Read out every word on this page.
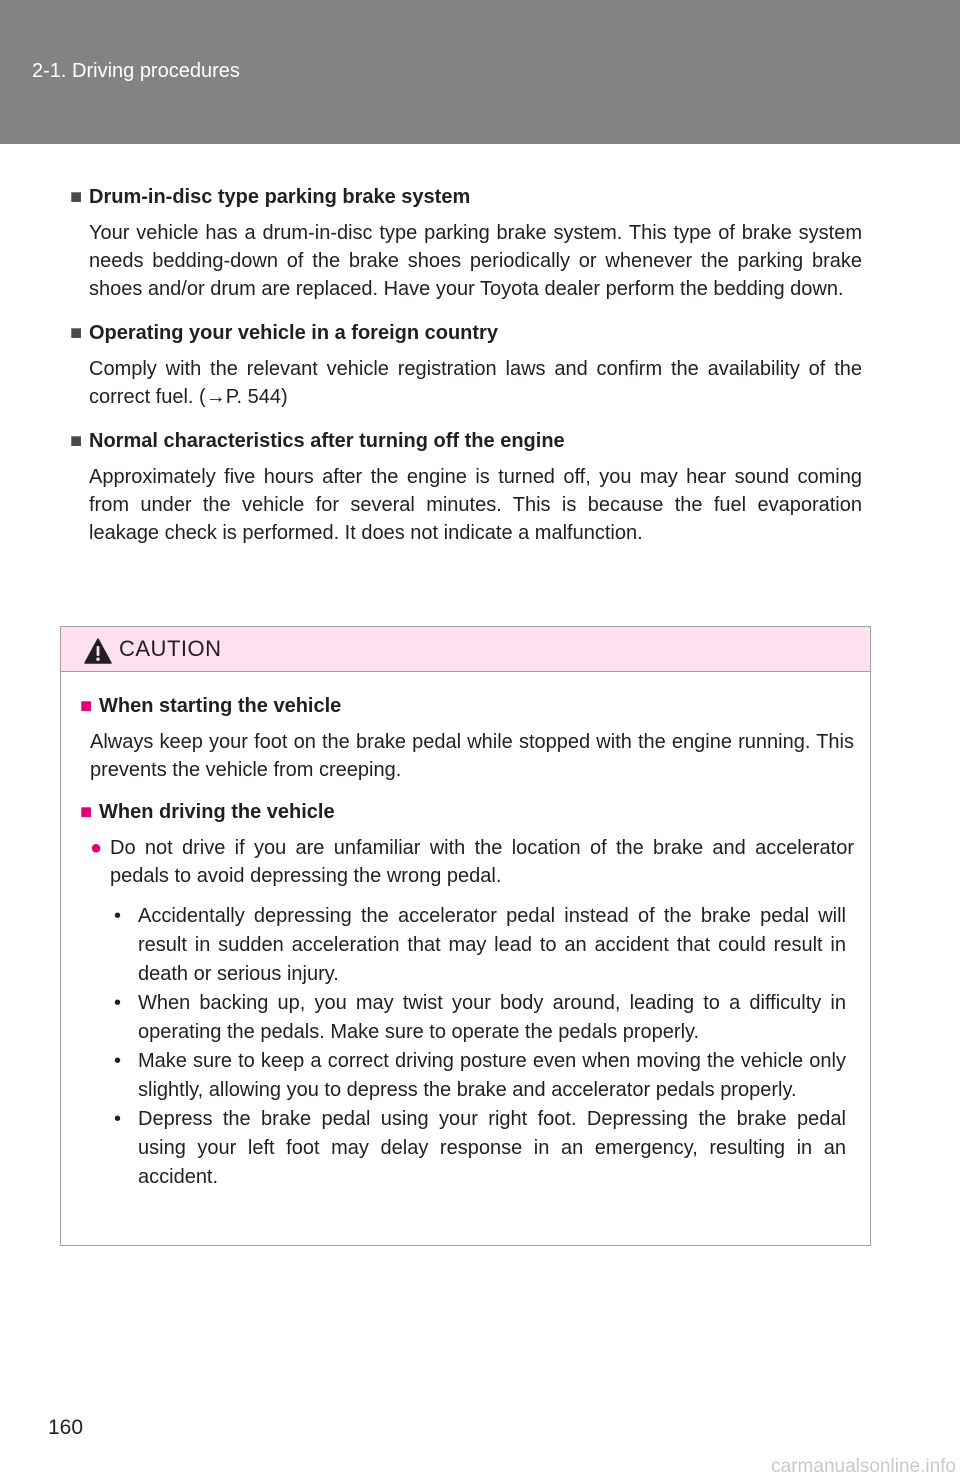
2-1. Driving procedures
■ Drum-in-disc type parking brake system

Your vehicle has a drum-in-disc type parking brake system. This type of brake system needs bedding-down of the brake shoes periodically or whenever the parking brake shoes and/or drum are replaced. Have your Toyota dealer perform the bedding down.

■ Operating your vehicle in a foreign country

Comply with the relevant vehicle registration laws and confirm the availability of the correct fuel. (→P. 544)

■ Normal characteristics after turning off the engine

Approximately five hours after the engine is turned off, you may hear sound coming from under the vehicle for several minutes. This is because the fuel evaporation leakage check is performed. It does not indicate a malfunction.

CAUTION
■ When starting the vehicle

Always keep your foot on the brake pedal while stopped with the engine running. This prevents the vehicle from creeping.

■ When driving the vehicle
● Do not drive if you are unfamiliar with the location of the brake and accelerator pedals to avoid depressing the wrong pedal.
• Accidentally depressing the accelerator pedal instead of the brake pedal will result in sudden acceleration that may lead to an accident that could result in death or serious injury.
• When backing up, you may twist your body around, leading to a difficulty in operating the pedals. Make sure to operate the pedals properly.
• Make sure to keep a correct driving posture even when moving the vehicle only slightly, allowing you to depress the brake and accelerator pedals properly.
• Depress the brake pedal using your right foot. Depressing the brake pedal using your left foot may delay response in an emergency, resulting in an accident.
160
carmanualsonline.info
